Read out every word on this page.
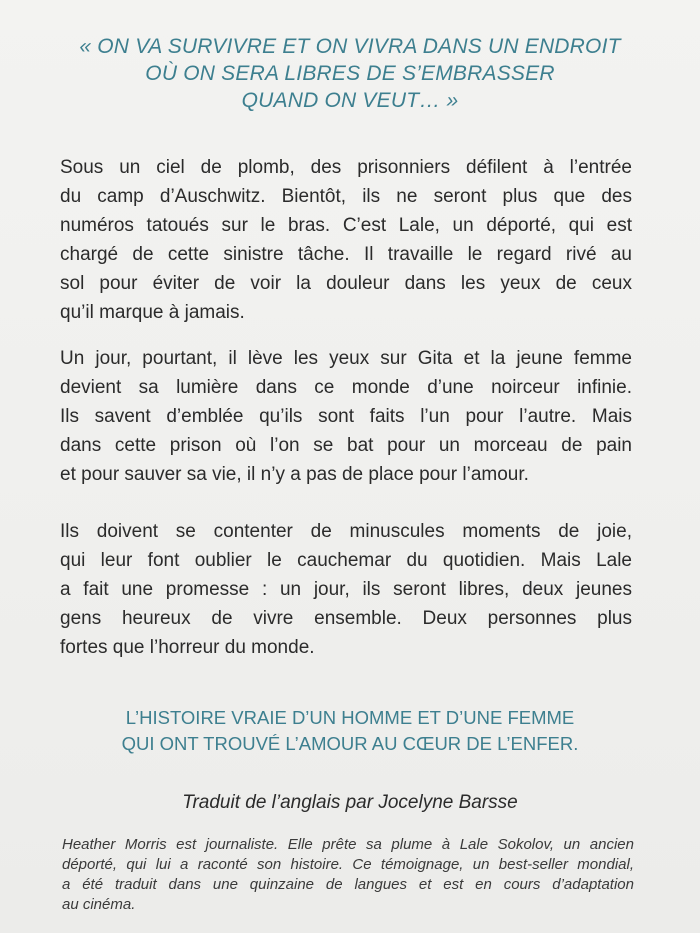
« ON VA SURVIVRE ET ON VIVRA DANS UN ENDROIT
OÙ ON SERA LIBRES DE S’EMBRASSER
QUAND ON VEUT… »
Sous un ciel de plomb, des prisonniers défilent à l’entrée
du camp d’Auschwitz. Bientôt, ils ne seront plus que des
numéros tatoués sur le bras. C’est Lale, un déporté, qui est
chargé de cette sinistre tâche. Il travaille le regard rivé au
sol pour éviter de voir la douleur dans les yeux de ceux
qu’il marque à jamais.
Un jour, pourtant, il lève les yeux sur Gita et la jeune femme
devient sa lumière dans ce monde d’une noirceur infinie.
Ils savent d’emblée qu’ils sont faits l’un pour l’autre. Mais
dans cette prison où l’on se bat pour un morceau de pain
et pour sauver sa vie, il n’y a pas de place pour l’amour.
Ils doivent se contenter de minuscules moments de joie,
qui leur font oublier le cauchemar du quotidien. Mais Lale
a fait une promesse : un jour, ils seront libres, deux jeunes
gens heureux de vivre ensemble. Deux personnes plus
fortes que l’horreur du monde.
L’HISTOIRE VRAIE D’UN HOMME ET D’UNE FEMME
QUI ONT TROUVÉ L’AMOUR AU CŒUR DE L’ENFER.
Traduit de l’anglais par Jocelyne Barsse
Heather Morris est journaliste. Elle prête sa plume à Lale Sokolov, un ancien
déporté, qui lui a raconté son histoire. Ce témoignage, un best-seller mondial,
a été traduit dans une quinzaine de langues et est en cours d’adaptation
au cinéma.
